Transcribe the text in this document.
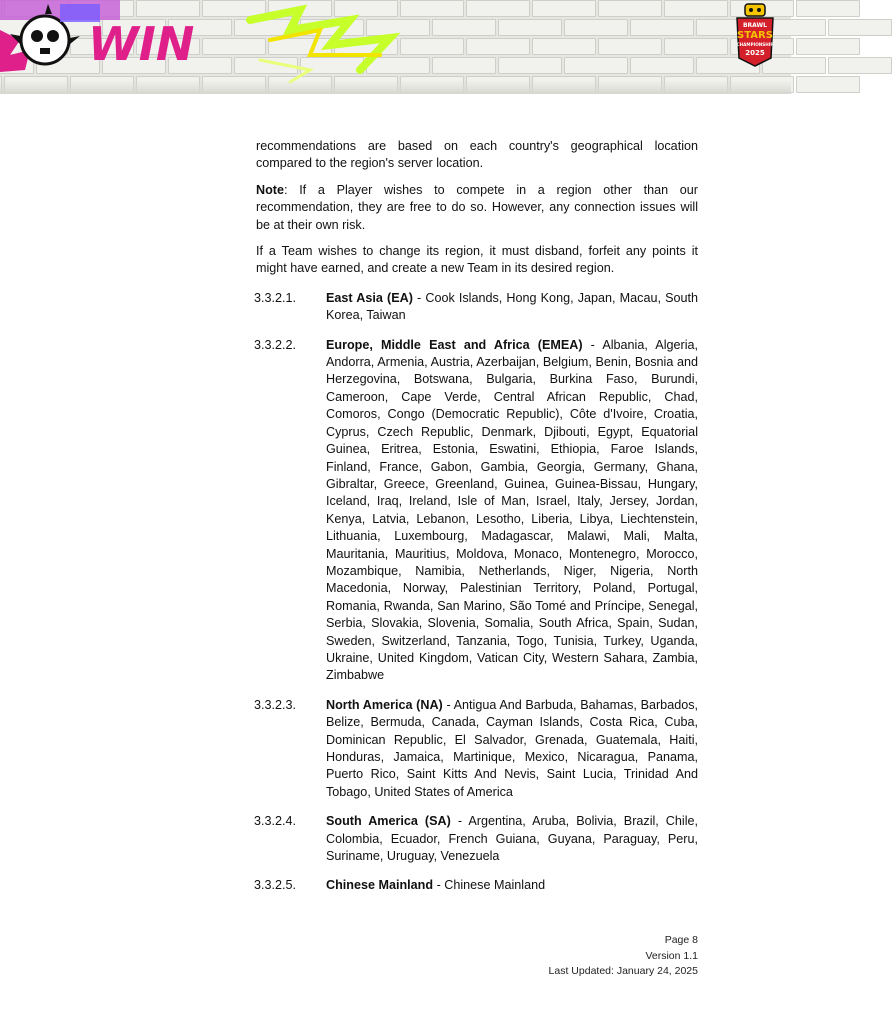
WIN	BRAWL
STARS
CHAMPIONSHIP
2025

recommendations are based on each country's geographical location compared to the region's server location.

Note: If a Player wishes to compete in a region other than our recommendation, they are free to do so. However, any connection issues will be at their own risk.

If a Team wishes to change its region, it must disband, forfeit any points it might have earned, and create a new Team in its desired region.

3.3.2.1.	East Asia (EA) - Cook Islands, Hong Kong, Japan, Macau, South Korea, Taiwan
3.3.2.2.	Europe, Middle East and Africa (EMEA) - Albania, Algeria, Andorra, Armenia, Austria, Azerbaijan, Belgium, Benin, Bosnia and Herzegovina, Botswana, Bulgaria, Burkina Faso, Burundi, Cameroon, Cape Verde, Central African Republic, Chad, Comoros, Congo (Democratic Republic), Côte d'Ivoire, Croatia, Cyprus, Czech Republic, Denmark, Djibouti, Egypt, Equatorial Guinea, Eritrea, Estonia, Eswatini, Ethiopia, Faroe Islands, Finland, France, Gabon, Gambia, Georgia, Germany, Ghana, Gibraltar, Greece, Greenland, Guinea, Guinea-Bissau, Hungary, Iceland, Iraq, Ireland, Isle of Man, Israel, Italy, Jersey, Jordan, Kenya, Latvia, Lebanon, Lesotho, Liberia, Libya, Liechtenstein, Lithuania, Luxembourg, Madagascar, Malawi, Mali, Malta, Mauritania, Mauritius, Moldova, Monaco, Montenegro, Morocco, Mozambique, Namibia, Netherlands, Niger, Nigeria, North Macedonia, Norway, Palestinian Territory, Poland, Portugal, Romania, Rwanda, San Marino, São Tomé and Príncipe, Senegal, Serbia, Slovakia, Slovenia, Somalia, South Africa, Spain, Sudan, Sweden, Switzerland, Tanzania, Togo, Tunisia, Turkey, Uganda, Ukraine, United Kingdom, Vatican City, Western Sahara, Zambia, Zimbabwe
3.3.2.3.	North America (NA) - Antigua And Barbuda, Bahamas, Barbados, Belize, Bermuda, Canada, Cayman Islands, Costa Rica, Cuba, Dominican Republic, El Salvador, Grenada, Guatemala, Haiti, Honduras, Jamaica, Martinique, Mexico, Nicaragua, Panama, Puerto Rico, Saint Kitts And Nevis, Saint Lucia, Trinidad And Tobago, United States of America
3.3.2.4.	South America (SA) - Argentina, Aruba, Bolivia, Brazil, Chile, Colombia, Ecuador, French Guiana, Guyana, Paraguay, Peru, Suriname, Uruguay, Venezuela
3.3.2.5.	Chinese Mainland - Chinese Mainland
Page 8
Version 1.1
Last Updated: January 24, 2025
